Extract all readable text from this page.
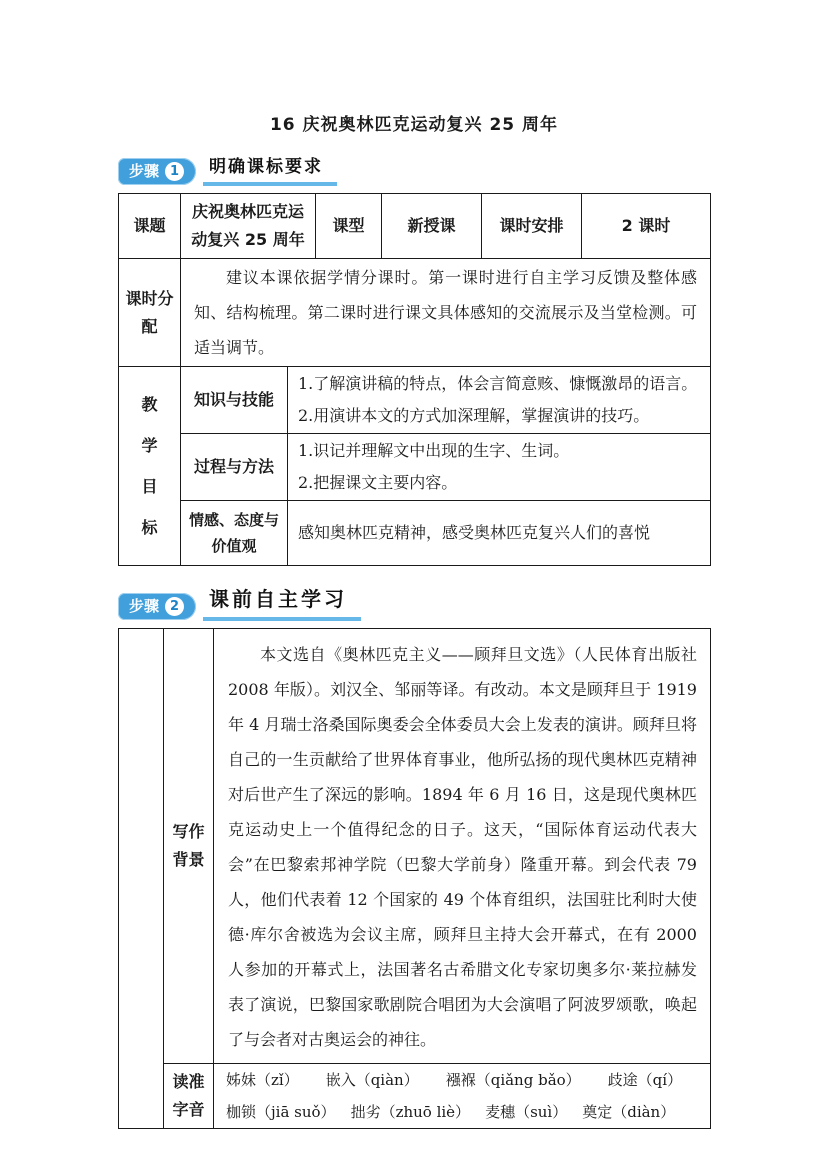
16 庆祝奥林匹克运动复兴 25 周年
步骤 1	明确课标要求
课题	庆祝奥林匹克运动复兴 25 周年		课型	新授课	课时安排	2 课时
课时分配	建议本课依据学情分课时。第一课时进行自主学习反馈及整体感知、结构梳理。第二课时进行课文具体感知的交流展示及当堂检测。可适当调节。					

教学目标	知识与技能	1.了解演讲稿的特点，体会言简意赅、慷慨激昂的语言。
2.用演讲本文的方式加深理解，掌握演讲的技巧。				

	过程与方法	1.识记并理解文中出现的生字、生词。
2.把握课文主要内容。				

	情感、态度与价值观	感知奥林匹克精神，感受奥林匹克复兴人们的喜悦				
步骤 2	课前自主学习
	写作背景	本文选自《奥林匹克主义——顾拜旦文选》（人民体育出版社 2008 年版）。刘汉全、邹丽等译。有改动。本文是顾拜旦于 1919 年 4 月瑞士洛桑国际奥委会全体委员大会上发表的演讲。顾拜旦将自己的一生贡献给了世界体育事业，他所弘扬的现代奥林匹克精神对后世产生了深远的影响。1894 年 6 月 16 日，这是现代奥林匹克运动史上一个值得纪念的日子。这天，“国际体育运动代表大会”在巴黎索邦神学院（巴黎大学前身）隆重开幕。到会代表 79 人，他们代表着 12 个国家的 49 个体育组织，法国驻比利时大使德·库尔舍被选为会议主席，顾拜旦主持大会开幕式，在有 2000 人参加的开幕式上，法国著名古希腊文化专家切奥多尔·莱拉赫发表了演说，巴黎国家歌剧院合唱团为大会演唱了阿波罗颂歌，唤起了与会者对古奥运会的神往。

	读准字音	姊妹（zǐ） 嵌入（qiàn） 襁褓（qiǎng bǎo） 歧途（qí）
枷锁（jiā suǒ） 拙劣（zhuō liè） 麦穗（suì） 奠定（diàn）
